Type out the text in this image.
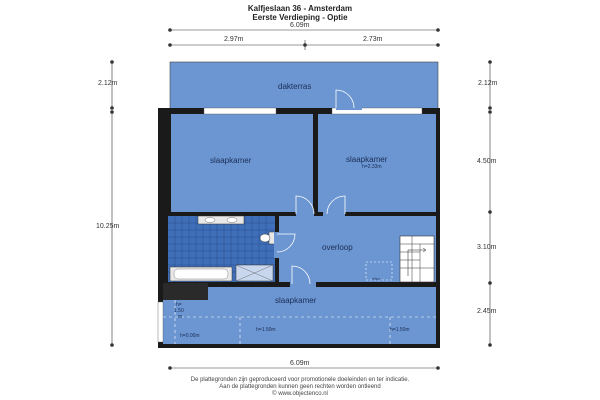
Kalfjeslaan 36 - Amsterdam
Eerste Verdieping - Optie
6.09m
2.97m	2.73m
2.12m
10.25m
2.12m
4.50m
3.10m
2.45m
6.09m
dakterras
slaapkamer	slaapkamer
h=2.33m
overloop
slaapkamer
h=
1.50
m
h=0.00m
h=1.50m	h=1.50m
vlizo
De plattegronden zijn geproduceerd voor promotionele doeleinden en ter indicatie.
Aan de plattegronden kunnen geen rechten worden ontleend
© www.objectenco.nl
